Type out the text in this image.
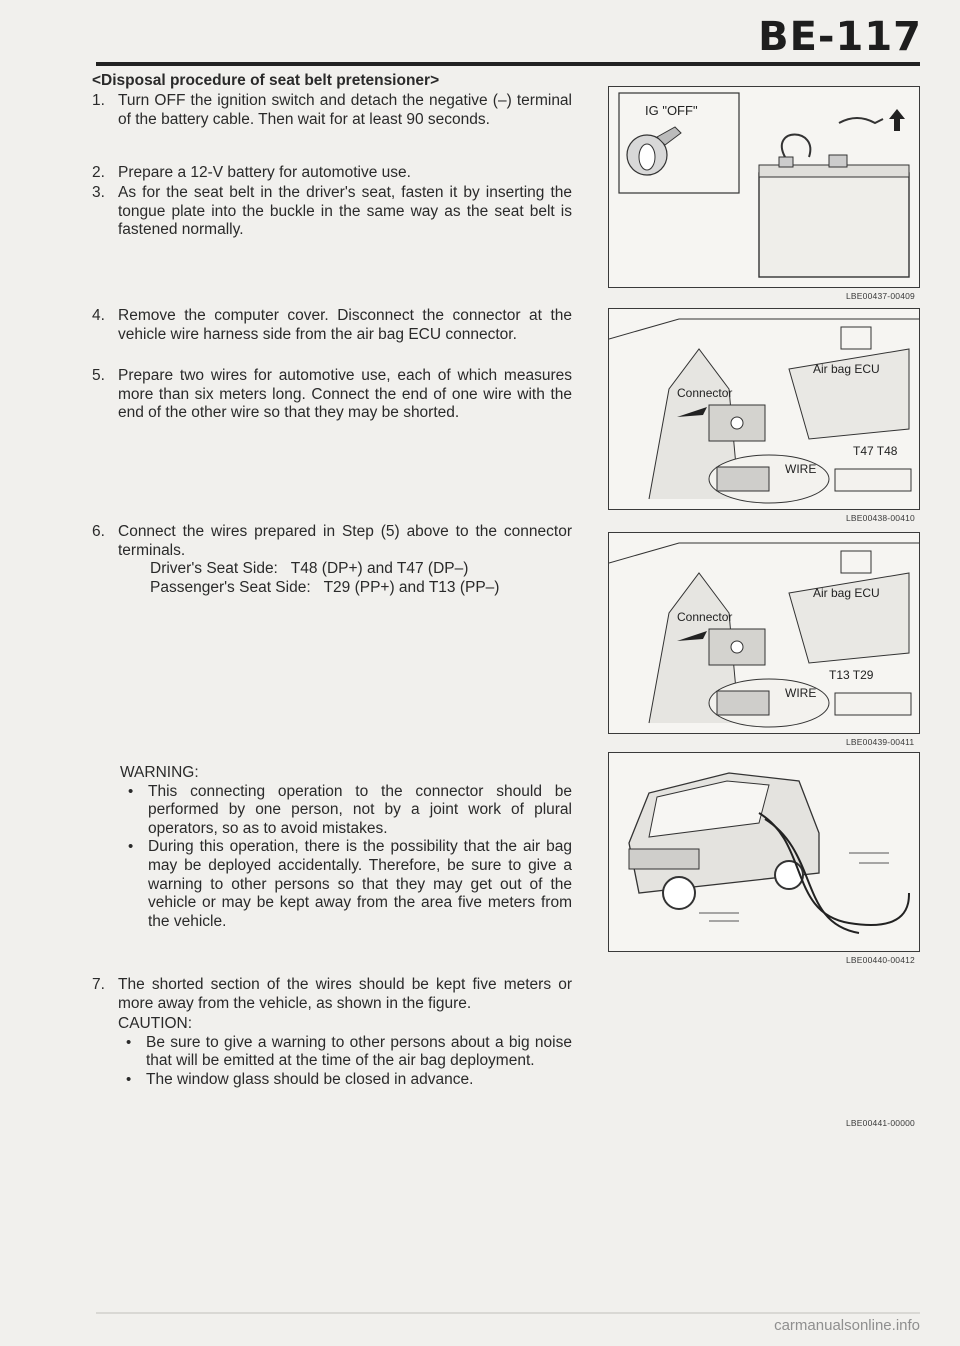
BE-117
<Disposal procedure of seat belt pretensioner>
1. Turn OFF the ignition switch and detach the negative (–) terminal of the battery cable. Then wait for at least 90 seconds.
2. Prepare a 12-V battery for automotive use.
3. As for the seat belt in the driver's seat, fasten it by inserting the tongue plate into the buckle in the same way as the seat belt is fastened normally.
4. Remove the computer cover. Disconnect the connector at the vehicle wire harness side from the air bag ECU connector.
5. Prepare two wires for automotive use, each of which measures more than six meters long. Connect the end of one wire with the end of the other wire so that they may be shorted.
6. Connect the wires prepared in Step (5) above to the connector terminals.
Driver's Seat Side: T48 (DP+) and T47 (DP–)
Passenger's Seat Side: T29 (PP+) and T13 (PP–)
WARNING:
• This connecting operation to the connector should be performed by one person, not by a joint work of plural operators, so as to avoid mistakes.
• During this operation, there is the possibility that the air bag may be deployed accidentally. Therefore, be sure to give a warning to other persons so that they may get out of the vehicle or may be kept away from the area five meters from the vehicle.
7. The shorted section of the wires should be kept five meters or more away from the vehicle, as shown in the figure.
CAUTION:
• Be sure to give a warning to other persons about a big noise that will be emitted at the time of the air bag deployment.
• The window glass should be closed in advance.
IG "OFF"
LBE00437-00409
Connector
Air bag ECU
T47 T48
WIRE
LBE00438-00410
Connector
Air bag ECU
T13 T29
WIRE
LBE00439-00411
LBE00440-00412
LBE00441-00000
carmanualsonline.info
